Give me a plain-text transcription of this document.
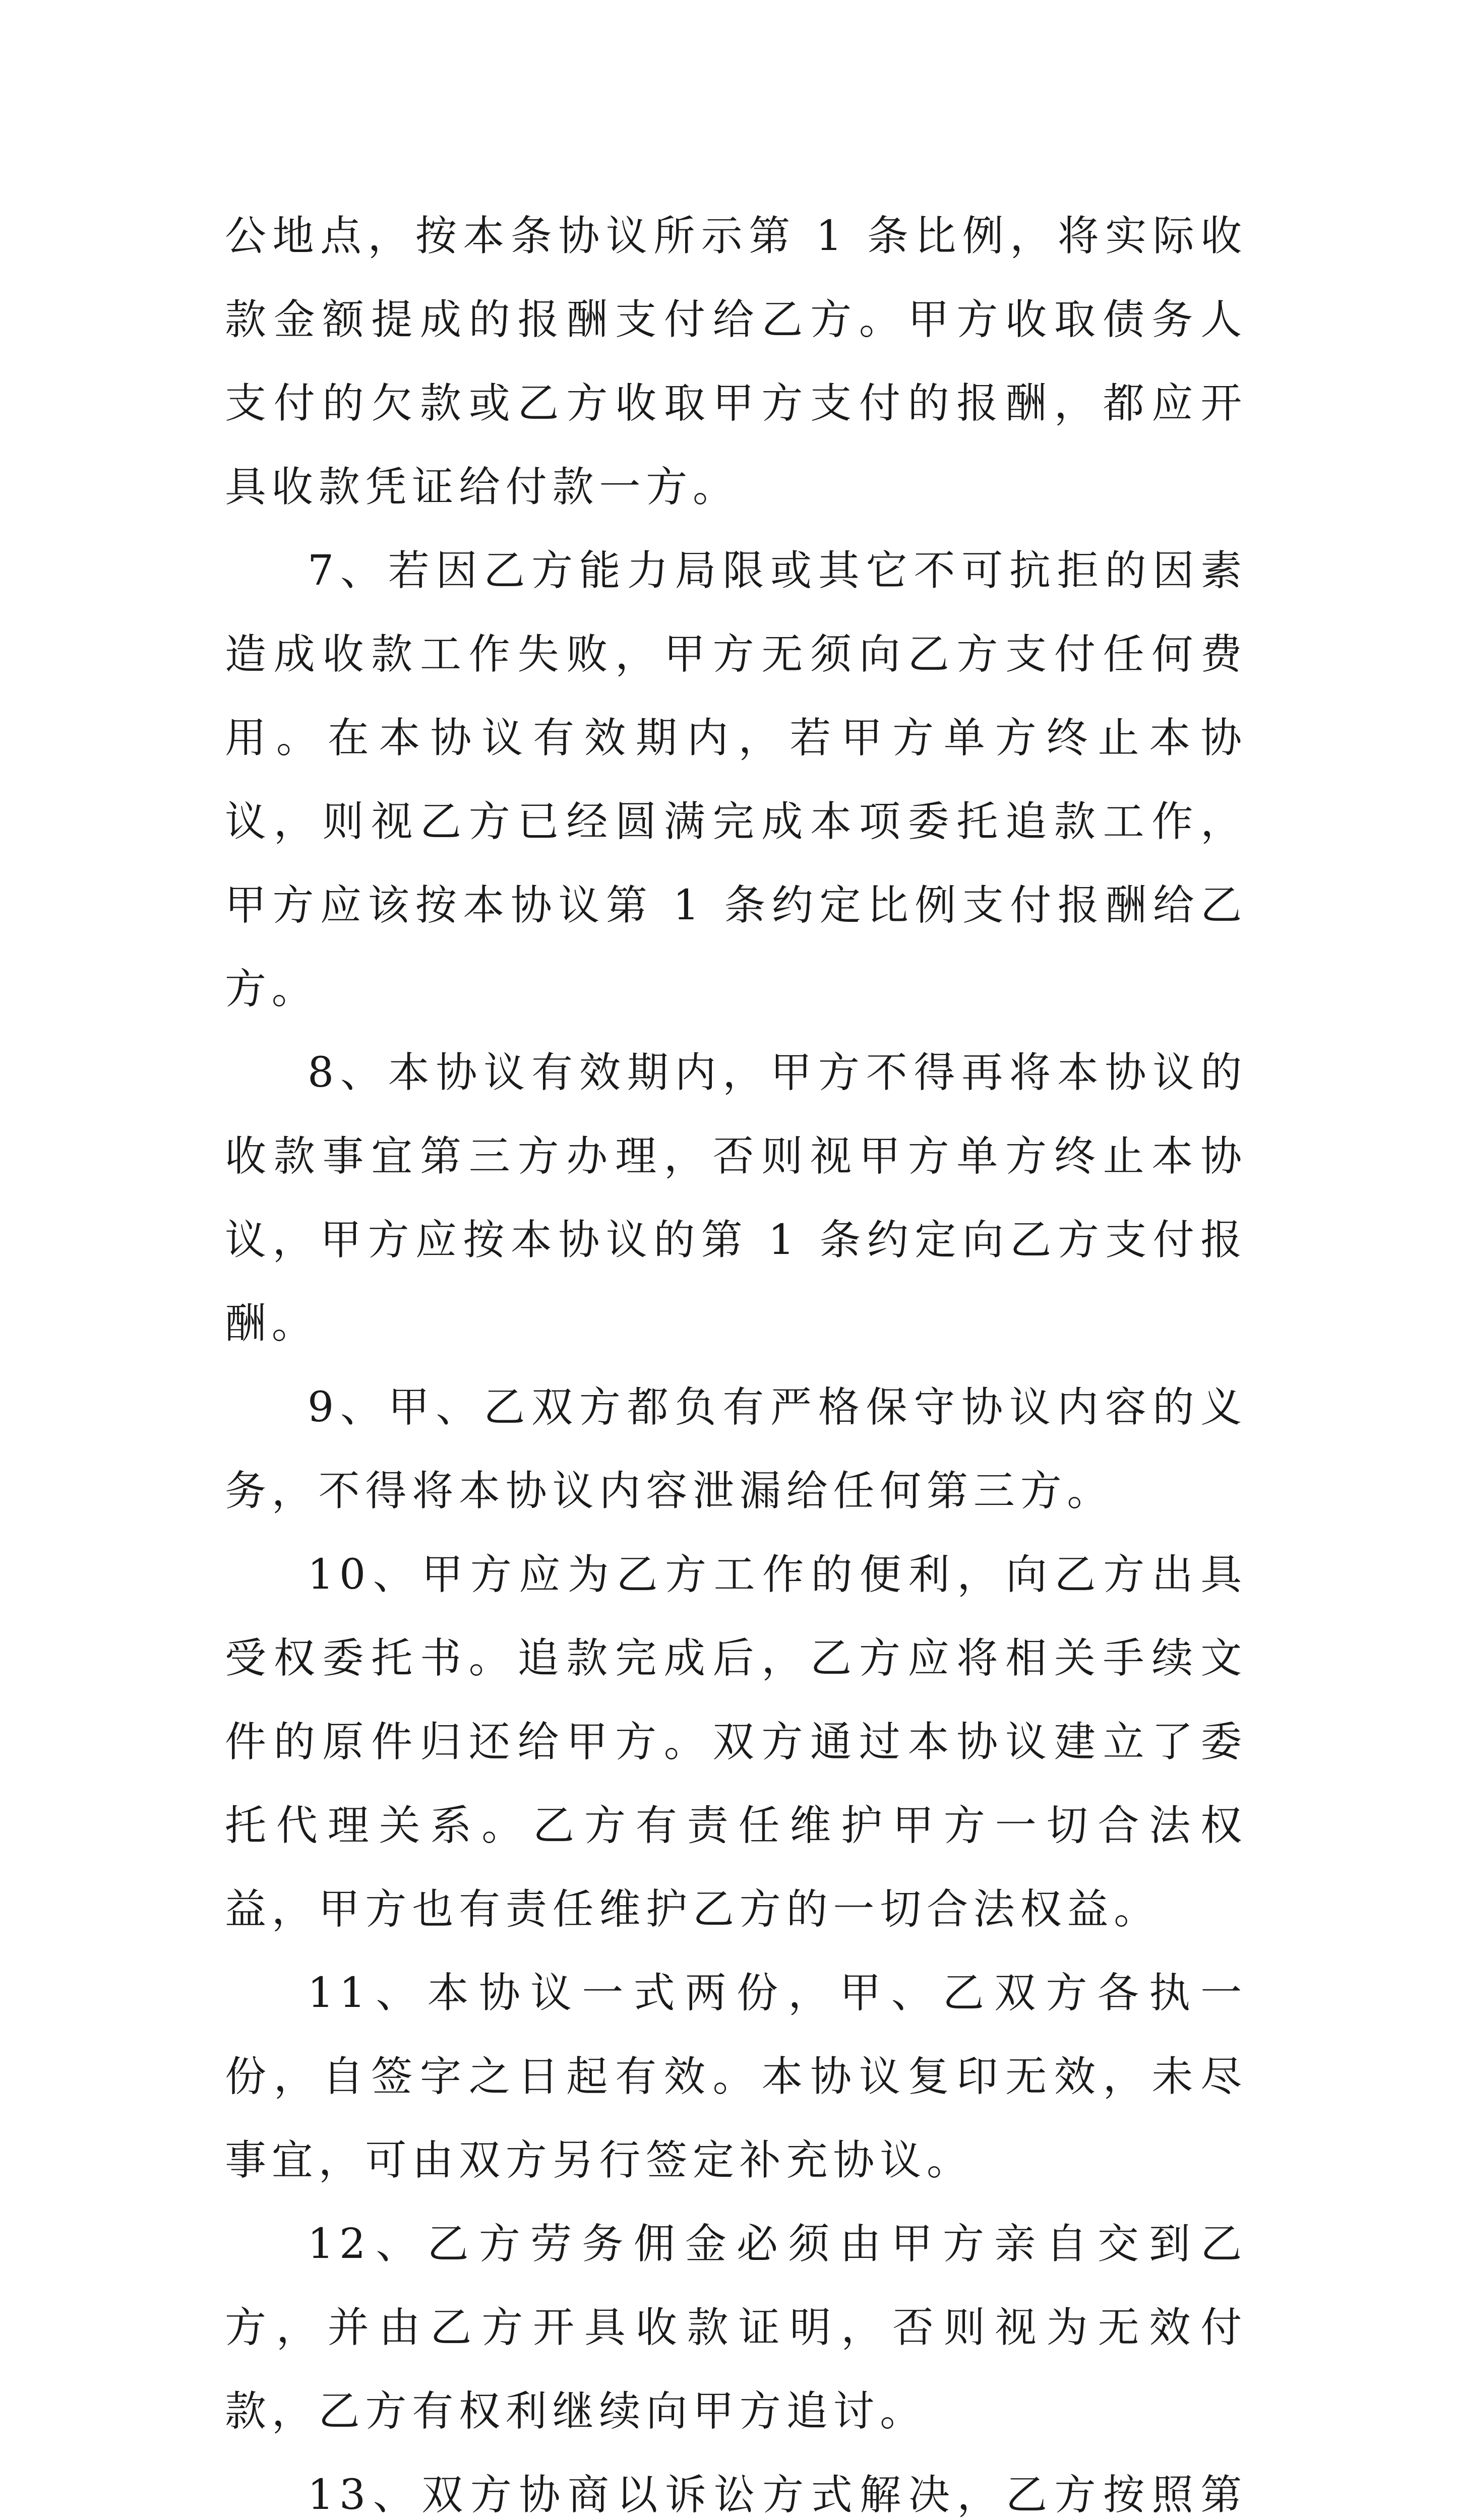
公地点，按本条协议所示第 1 条比例，将实际收款金额提成的报酬支付给乙方。甲方收取债务人支付的欠款或乙方收取甲方支付的报酬，都应开具收款凭证给付款一方。

7、若因乙方能力局限或其它不可抗拒的因素造成收款工作失败，甲方无须向乙方支付任何费用。在本协议有效期内，若甲方单方终止本协议，则视乙方已经圆满完成本项委托追款工作，甲方应该按本协议第 1 条约定比例支付报酬给乙方。

8、本协议有效期内，甲方不得再将本协议的收款事宜第三方办理，否则视甲方单方终止本协议，甲方应按本协议的第 1 条约定向乙方支付报酬。

9、甲、乙双方都负有严格保守协议内容的义务，不得将本协议内容泄漏给任何第三方。

10、甲方应为乙方工作的便利，向乙方出具受权委托书。追款完成后，乙方应将相关手续文件的原件归还给甲方。双方通过本协议建立了委托代理关系。乙方有责任维护甲方一切合法权益，甲方也有责任维护乙方的一切合法权益。

11、本协议一式两份，甲、乙双方各执一份，自签字之日起有效。本协议复印无效，未尽事宜，可由双方另行签定补充协议。

12、乙方劳务佣金必须由甲方亲自交到乙方，并由乙方开具收款证明，否则视为无效付款，乙方有权利继续向甲方追讨。

13、双方协商以诉讼方式解决，乙方按照第
